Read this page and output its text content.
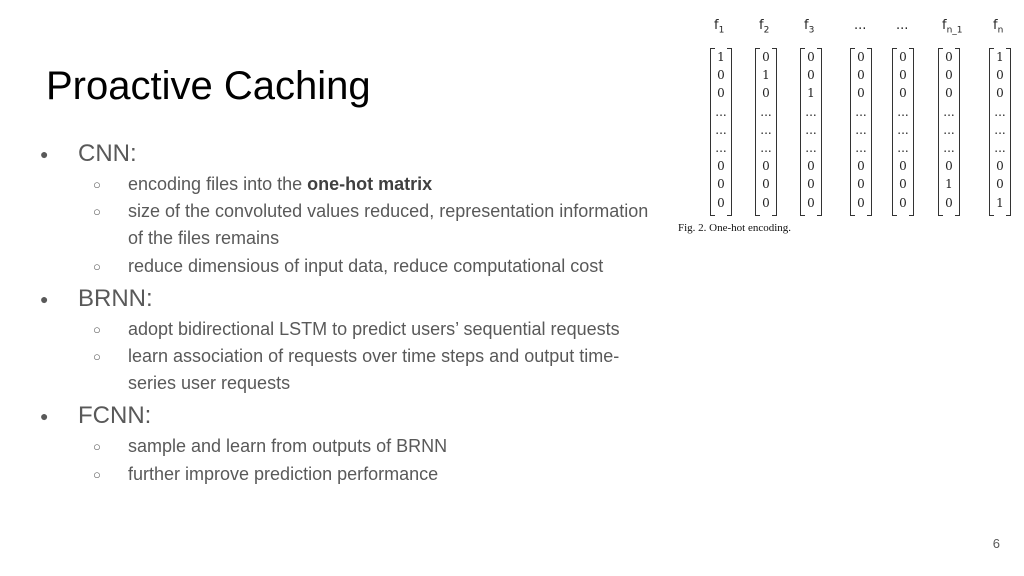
Proactive Caching
● CNN:
○ encoding files into the one-hot matrix
○ size of the convoluted values reduced, representation information
of the files remains
○ reduce dimensious of input data, reduce computational cost
● BRNN:
○ adopt bidirectional LSTM to predict users’ sequential requests
○ learn association of requests over time steps and output time-
series user requests
● FCNN:
○ sample and learn from outputs of BRNN
○ further improve prediction performance
Fig. 2. One-hot encoding.
$f_1$
1
0
0
...
...
...
0
0
0
$f_2$
0
1
0
...
...
...
0
0
0
$f_3$
0
0
1
...
...
...
0
0
0
...
0
0
0
...
...
...
0
0
0
...
0
0
0
...
...
...
0
0
0
$f_{n\_1}$
0
0
0
...
...
...
0
1
0
$f_n$
1
0
0
...
...
...
0
0
1
6
